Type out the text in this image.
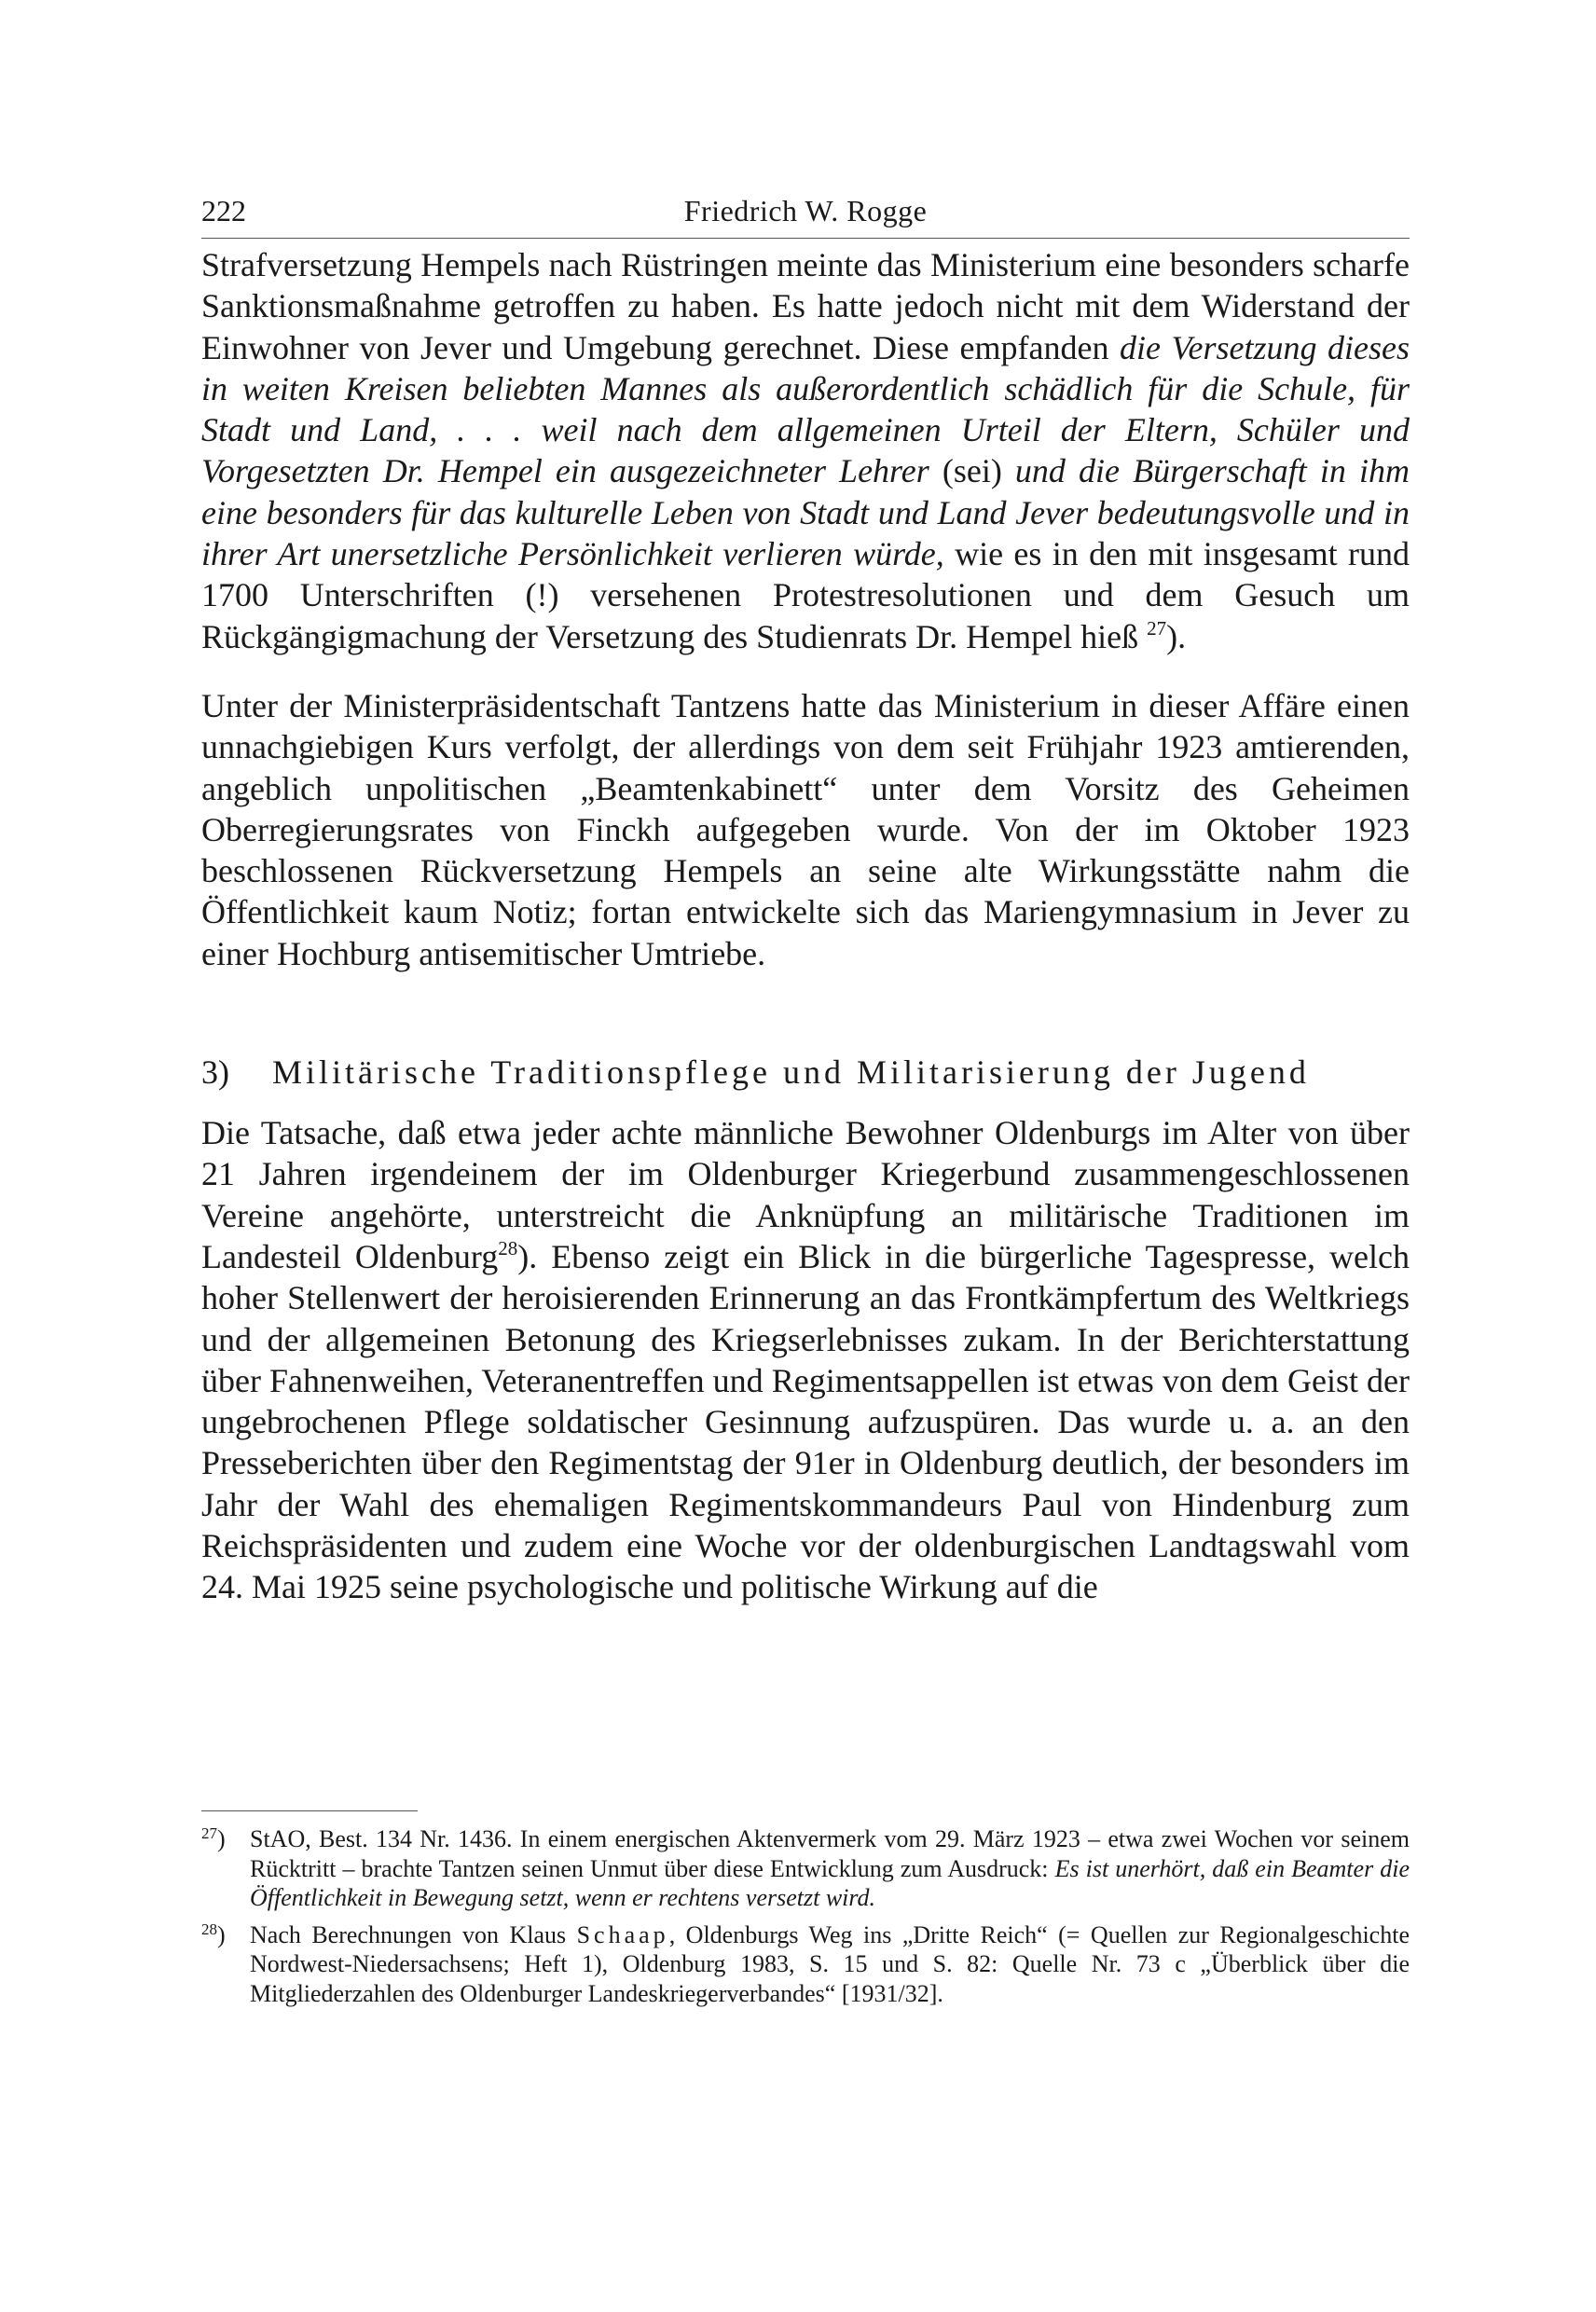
222	Friedrich W. Rogge

Strafversetzung Hempels nach Rüstringen meinte das Ministerium eine besonders scharfe Sanktionsmaßnahme getroffen zu haben. Es hatte jedoch nicht mit dem Widerstand der Einwohner von Jever und Umgebung gerechnet. Diese empfanden die Versetzung dieses in weiten Kreisen beliebten Mannes als außerordentlich schädlich für die Schule, für Stadt und Land, . . . weil nach dem allgemeinen Urteil der Eltern, Schüler und Vorgesetzten Dr. Hempel ein ausgezeichneter Lehrer (sei) und die Bürgerschaft in ihm eine besonders für das kulturelle Leben von Stadt und Land Jever bedeutungsvolle und in ihrer Art unersetzliche Persönlichkeit verlieren würde, wie es in den mit insgesamt rund 1700 Unterschriften (!) versehenen Protestresolutionen und dem Gesuch um Rückgängigmachung der Versetzung des Studienrats Dr. Hempel hieß $^{27}$).

Unter der Ministerpräsidentschaft Tantzens hatte das Ministerium in dieser Affäre einen unnachgiebigen Kurs verfolgt, der allerdings von dem seit Frühjahr 1923 amtierenden, angeblich unpolitischen „Beamtenkabinett“ unter dem Vorsitz des Geheimen Oberregierungsrates von Finckh aufgegeben wurde. Von der im Oktober 1923 beschlossenen Rückversetzung Hempels an seine alte Wirkungsstätte nahm die Öffentlichkeit kaum Notiz; fortan entwickelte sich das Mariengymnasium in Jever zu einer Hochburg antisemitischer Umtriebe.

3) Militärische Traditionspflege und Militarisierung der Jugend

Die Tatsache, daß etwa jeder achte männliche Bewohner Oldenburgs im Alter von über 21 Jahren irgendeinem der im Oldenburger Kriegerbund zusammengeschlossenen Vereine angehörte, unterstreicht die Anknüpfung an militärische Traditionen im Landesteil Oldenburg$^{28}$). Ebenso zeigt ein Blick in die bürgerliche Tagespresse, welch hoher Stellenwert der heroisierenden Erinnerung an das Frontkämpfertum des Weltkriegs und der allgemeinen Betonung des Kriegserlebnisses zukam. In der Berichterstattung über Fahnenweihen, Veteranentreffen und Regimentsappellen ist etwas von dem Geist der ungebrochenen Pflege soldatischer Gesinnung aufzuspüren. Das wurde u. a. an den Presseberichten über den Regimentstag der 91er in Oldenburg deutlich, der besonders im Jahr der Wahl des ehemaligen Regimentskommandeurs Paul von Hindenburg zum Reichspräsidenten und zudem eine Woche vor der oldenburgischen Landtagswahl vom 24. Mai 1925 seine psychologische und politische Wirkung auf die

$^{27}$) StAO, Best. 134 Nr. 1436. In einem energischen Aktenvermerk vom 29. März 1923 – etwa zwei Wochen vor seinem Rücktritt – brachte Tantzen seinen Unmut über diese Entwicklung zum Ausdruck: Es ist unerhört, daß ein Beamter die Öffentlichkeit in Bewegung setzt, wenn er rechtens versetzt wird.
$^{28}$) Nach Berechnungen von Klaus Schaap, Oldenburgs Weg ins „Dritte Reich“ (= Quellen zur Regionalgeschichte Nordwest-Niedersachsens; Heft 1), Oldenburg 1983, S. 15 und S. 82: Quelle Nr. 73 c „Überblick über die Mitgliederzahlen des Oldenburger Landeskriegerverbandes“ [1931/32].
